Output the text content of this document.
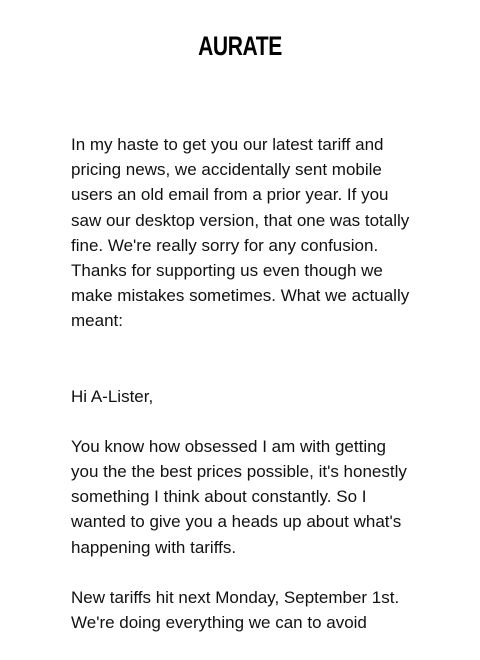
AURATE

In my haste to get you our latest tariff and pricing news, we accidentally sent mobile users an old email from a prior year. If you saw our desktop version, that one was totally fine. We're really sorry for any confusion. Thanks for supporting us even though we make mistakes sometimes. What we actually meant:

Hi A-Lister,

You know how obsessed I am with getting you the the best prices possible, it's honestly something I think about constantly. So I wanted to give you a heads up about what's happening with tariffs.

New tariffs hit next Monday, September 1st. We're doing everything we can to avoid
